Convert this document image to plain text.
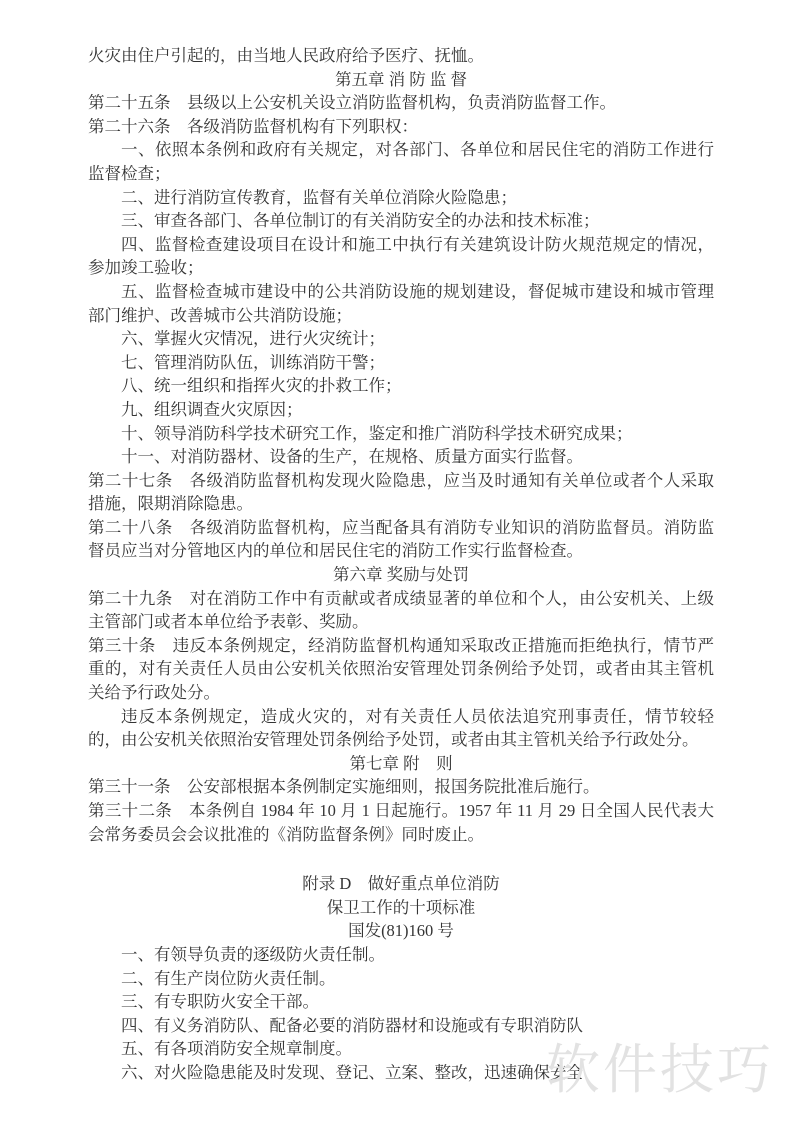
火灾由住户引起的，由当地人民政府给予医疗、抚恤。

第五章 消 防 监 督

第二十五条　县级以上公安机关设立消防监督机构，负责消防监督工作。

第二十六条　各级消防监督机构有下列职权：

一、依照本条例和政府有关规定，对各部门、各单位和居民住宅的消防工作进行监督检查；

二、进行消防宣传教育，监督有关单位消除火险隐患；

三、审查各部门、各单位制订的有关消防安全的办法和技术标准；

四、监督检查建设项目在设计和施工中执行有关建筑设计防火规范规定的情况，参加竣工验收；

五、监督检查城市建设中的公共消防设施的规划建设，督促城市建设和城市管理部门维护、改善城市公共消防设施；

六、掌握火灾情况，进行火灾统计；

七、管理消防队伍，训练消防干警；

八、统一组织和指挥火灾的扑救工作；

九、组织调查火灾原因；

十、领导消防科学技术研究工作，鉴定和推广消防科学技术研究成果；

十一、对消防器材、设备的生产，在规格、质量方面实行监督。

第二十七条　各级消防监督机构发现火险隐患，应当及时通知有关单位或者个人采取措施，限期消除隐患。

第二十八条　各级消防监督机构，应当配备具有消防专业知识的消防监督员。消防监督员应当对分管地区内的单位和居民住宅的消防工作实行监督检查。

第六章 奖励与处罚

第二十九条　对在消防工作中有贡献或者成绩显著的单位和个人，由公安机关、上级主管部门或者本单位给予表彰、奖励。

第三十条　违反本条例规定，经消防监督机构通知采取改正措施而拒绝执行，情节严重的，对有关责任人员由公安机关依照治安管理处罚条例给予处罚，或者由其主管机关给予行政处分。

违反本条例规定，造成火灾的，对有关责任人员依法追究刑事责任，情节较轻的，由公安机关依照治安管理处罚条例给予处罚，或者由其主管机关给予行政处分。

第七章 附　则

第三十一条　公安部根据本条例制定实施细则，报国务院批准后施行。

第三十二条　本条例自 1984 年 10 月 1 日起施行。1957 年 11 月 29 日全国人民代表大会常务委员会会议批准的《消防监督条例》同时废止。

附录 D　做好重点单位消防

保卫工作的十项标准

国发(81)160 号

一、有领导负责的逐级防火责任制。

二、有生产岗位防火责任制。

三、有专职防火安全干部。

四、有义务消防队、配备必要的消防器材和设施或有专职消防队

五、有各项消防安全规章制度。

六、对火险隐患能及时发现、登记、立案、整改，迅速确保安全

软件技巧
